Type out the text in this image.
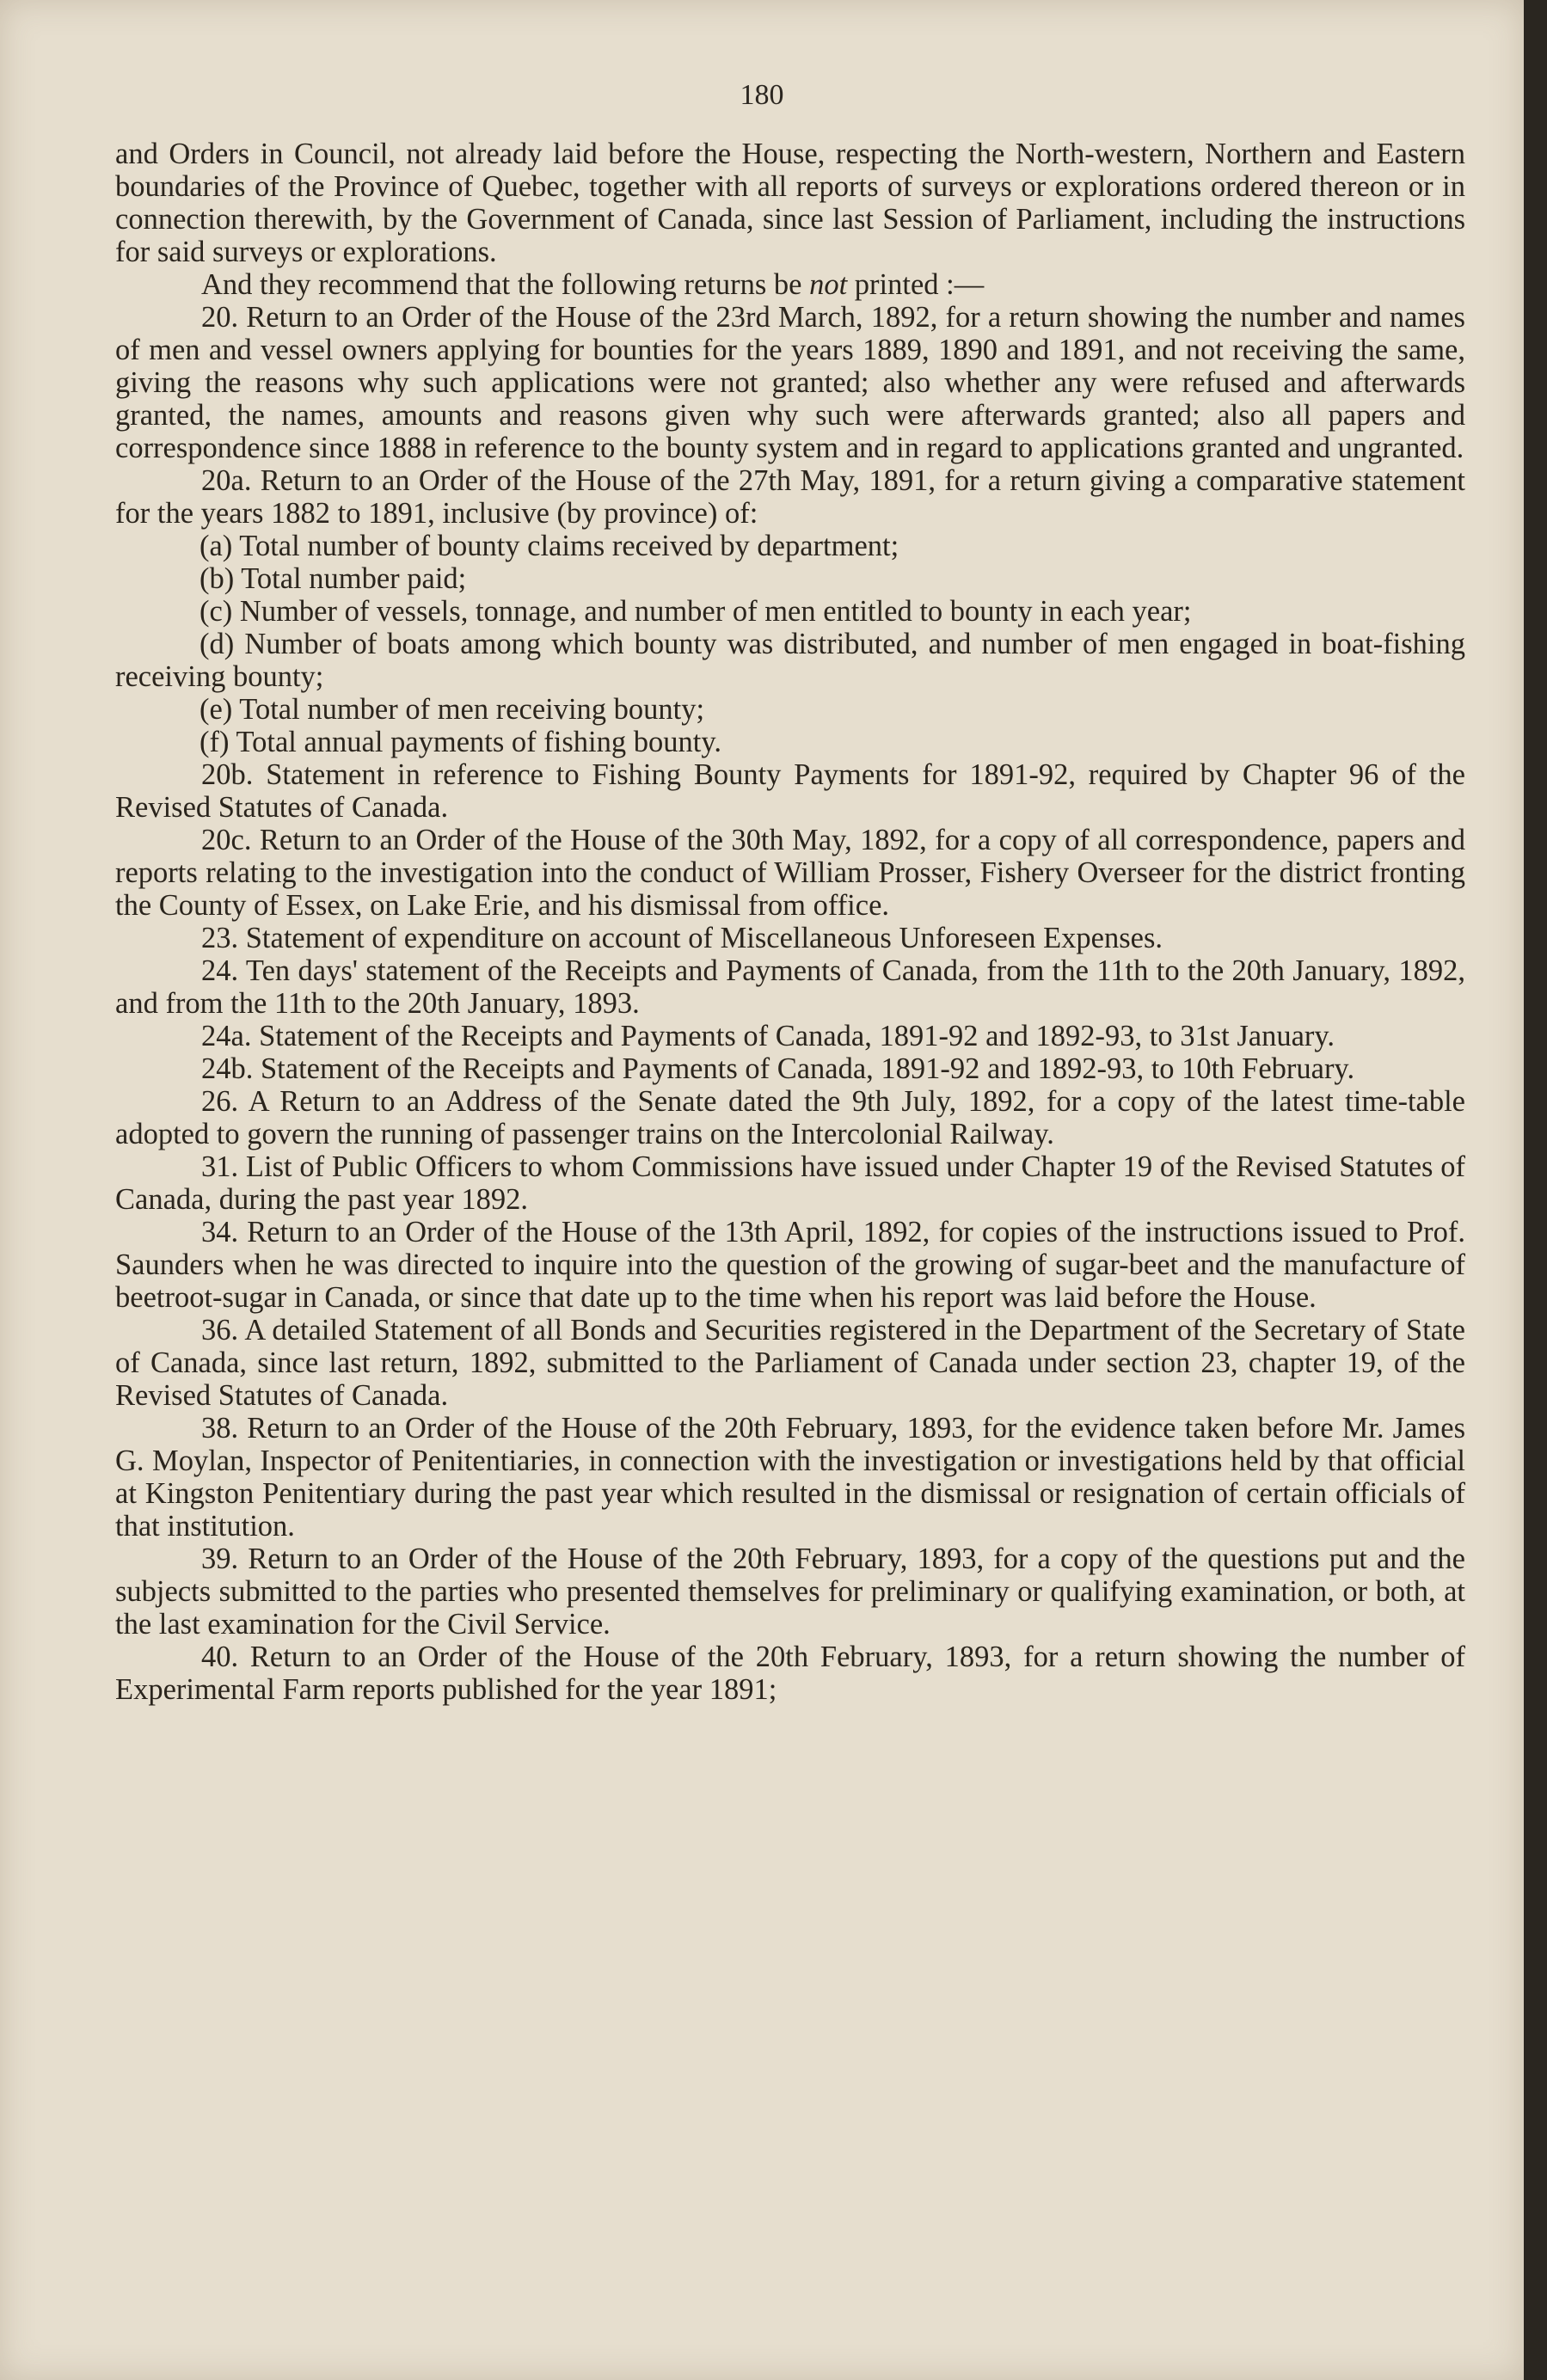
180

and Orders in Council, not already laid before the House, respecting the North-western, Northern and Eastern boundaries of the Province of Quebec, together with all reports of surveys or explorations ordered thereon or in connection therewith, by the Government of Canada, since last Session of Parliament, including the instructions for said surveys or explorations.

And they recommend that the following returns be not printed :—

20. Return to an Order of the House of the 23rd March, 1892, for a return showing the number and names of men and vessel owners applying for bounties for the years 1889, 1890 and 1891, and not receiving the same, giving the reasons why such applications were not granted; also whether any were refused and afterwards granted, the names, amounts and reasons given why such were afterwards granted; also all papers and correspondence since 1888 in reference to the bounty system and in regard to applications granted and ungranted.

20a. Return to an Order of the House of the 27th May, 1891, for a return giving a comparative statement for the years 1882 to 1891, inclusive (by province) of:

(a) Total number of bounty claims received by department;

(b) Total number paid;

(c) Number of vessels, tonnage, and number of men entitled to bounty in each year;

(d) Number of boats among which bounty was distributed, and number of men engaged in boat-fishing receiving bounty;

(e) Total number of men receiving bounty;

(f) Total annual payments of fishing bounty.

20b. Statement in reference to Fishing Bounty Payments for 1891-92, required by Chapter 96 of the Revised Statutes of Canada.

20c. Return to an Order of the House of the 30th May, 1892, for a copy of all correspondence, papers and reports relating to the investigation into the conduct of William Prosser, Fishery Overseer for the district fronting the County of Essex, on Lake Erie, and his dismissal from office.

23. Statement of expenditure on account of Miscellaneous Unforeseen Expenses.

24. Ten days' statement of the Receipts and Payments of Canada, from the 11th to the 20th January, 1892, and from the 11th to the 20th January, 1893.

24a. Statement of the Receipts and Payments of Canada, 1891-92 and 1892-93, to 31st January.

24b. Statement of the Receipts and Payments of Canada, 1891-92 and 1892-93, to 10th February.

26. A Return to an Address of the Senate dated the 9th July, 1892, for a copy of the latest time-table adopted to govern the running of passenger trains on the Intercolonial Railway.

31. List of Public Officers to whom Commissions have issued under Chapter 19 of the Revised Statutes of Canada, during the past year 1892.

34. Return to an Order of the House of the 13th April, 1892, for copies of the instructions issued to Prof. Saunders when he was directed to inquire into the question of the growing of sugar-beet and the manufacture of beetroot-sugar in Canada, or since that date up to the time when his report was laid before the House.

36. A detailed Statement of all Bonds and Securities registered in the Department of the Secretary of State of Canada, since last return, 1892, submitted to the Parliament of Canada under section 23, chapter 19, of the Revised Statutes of Canada.

38. Return to an Order of the House of the 20th February, 1893, for the evidence taken before Mr. James G. Moylan, Inspector of Penitentiaries, in connection with the investigation or investigations held by that official at Kingston Penitentiary during the past year which resulted in the dismissal or resignation of certain officials of that institution.

39. Return to an Order of the House of the 20th February, 1893, for a copy of the questions put and the subjects submitted to the parties who presented themselves for preliminary or qualifying examination, or both, at the last examination for the Civil Service.

40. Return to an Order of the House of the 20th February, 1893, for a return showing the number of Experimental Farm reports published for the year 1891;
